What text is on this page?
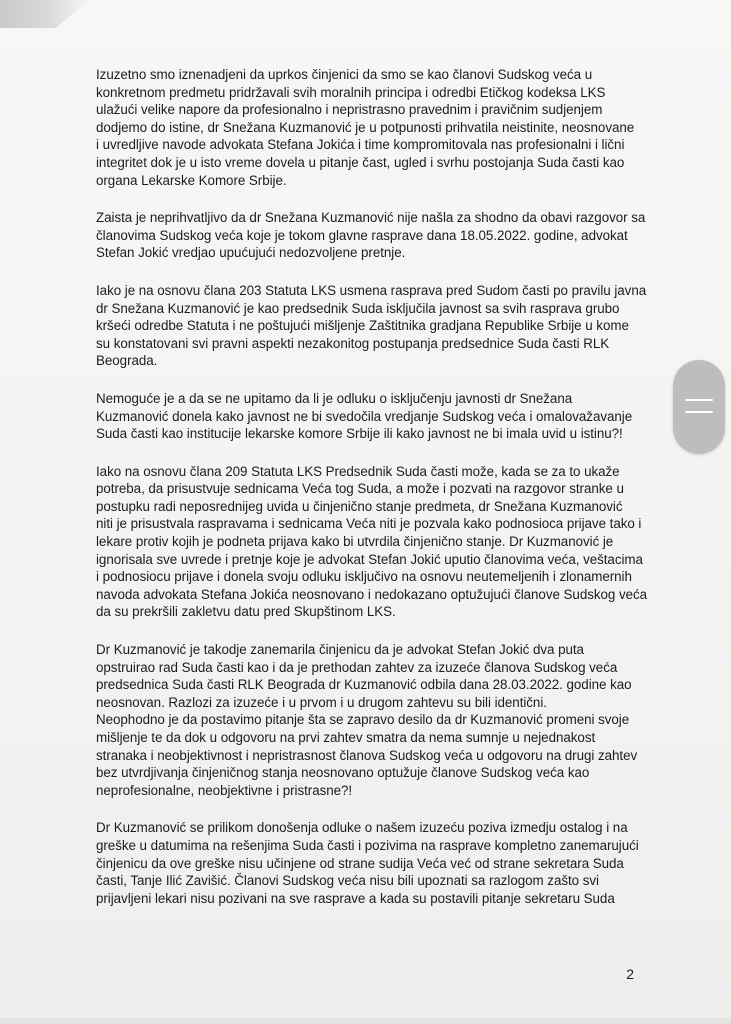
Izuzetno smo iznenadjeni da uprkos činjenici da smo se kao članovi Sudskog veća u
konkretnom predmetu pridržavali svih moralnih principa i odredbi Etičkog kodeksa LKS
ulažući velike napore da profesionalno i nepristrasno pravednim i pravičnim sudjenjem
dodjemo do istine, dr Snežana Kuzmanović je u potpunosti prihvatila neistinite, neosnovane
i uvredljive navode advokata Stefana Jokića i time kompromitovala nas profesionalni i lični
integritet dok je u isto vreme dovela u pitanje čast, ugled i svrhu postojanja Suda časti kao
organa Lekarske Komore Srbije.
Zaista je neprihvatljivo da dr Snežana Kuzmanović nije našla za shodno da obavi razgovor sa
članovima Sudskog veća koje je tokom glavne rasprave dana 18.05.2022. godine, advokat
Stefan Jokić vredjao upućujući nedozvoljene pretnje.
Iako je na osnovu člana 203 Statuta LKS usmena rasprava pred Sudom časti po pravilu javna
dr Snežana Kuzmanović je kao predsednik Suda isključila javnost sa svih rasprava grubo
kršeći odredbe Statuta i ne poštujući mišljenje Zaštitnika gradjana Republike Srbije u kome
su konstatovani svi pravni aspekti nezakonitog postupanja predsednice Suda časti RLK
Beograda.
Nemoguće je a da se ne upitamo da li je odluku o isključenju javnosti dr Snežana
Kuzmanović donela kako javnost ne bi svedočila vredjanje Sudskog veća i omalovažavanje
Suda časti kao institucije lekarske komore Srbije ili kako javnost ne bi imala uvid u istinu?!
Iako na osnovu člana 209 Statuta LKS Predsednik Suda časti može, kada se za to ukaže
potreba, da prisustvuje sednicama Veća tog Suda, a može i pozvati na razgovor stranke u
postupku radi neposrednijeg uvida u činjenično stanje predmeta, dr Snežana Kuzmanović
niti je prisustvala raspravama i sednicama Veća niti je pozvala kako podnosioca prijave tako i
lekare protiv kojih je podneta prijava kako bi utvrdila činjenično stanje. Dr Kuzmanović je
ignorisala sve uvrede i pretnje koje je advokat Stefan Jokić uputio članovima veća, veštacima
i podnosiocu prijave i donela svoju odluku isključivo na osnovu neutemeljenih i zlonamernih
navoda advokata Stefana Jokića neosnovano i nedokazano optužujući članove Sudskog veća
da su prekršili zakletvu datu pred Skupštinom LKS.
Dr Kuzmanović je takodje zanemarila činjenicu da je advokat Stefan Jokić dva puta
opstruirao rad Suda časti kao i da je prethodan zahtev za izuzeće članova Sudskog veća
predsednica Suda časti RLK Beograda dr Kuzmanović odbila dana 28.03.2022. godine kao
neosnovan. Razlozi za izuzeće i u prvom i u drugom zahtevu su bili identični.
Neophodno je da postavimo pitanje šta se zapravo desilo da dr Kuzmanović promeni svoje
mišljenje te da dok u odgovoru na prvi zahtev smatra da nema sumnje u nejednakost
stranaka i neobjektivnost i nepristrasnost članova Sudskog veća u odgovoru na drugi zahtev
bez utvrdjivanja činjeničnog stanja neosnovano optužuje članove Sudskog veća kao
neprofesionalne, neobjektivne i pristrasne?!
Dr Kuzmanović se prilikom donošenja odluke o našem izuzeću poziva izmedju ostalog i na
greške u datumima na rešenjima Suda časti i pozivima na rasprave kompletno zanemarujući
činjenicu da ove greške nisu učinjene od strane sudija Veća već od strane sekretara Suda
časti, Tanje Ilić Zavišić. Članovi Sudskog veća nisu bili upoznati sa razlogom zašto svi
prijavljeni lekari nisu pozivani na sve rasprave a kada su postavili pitanje sekretaru Suda
2
